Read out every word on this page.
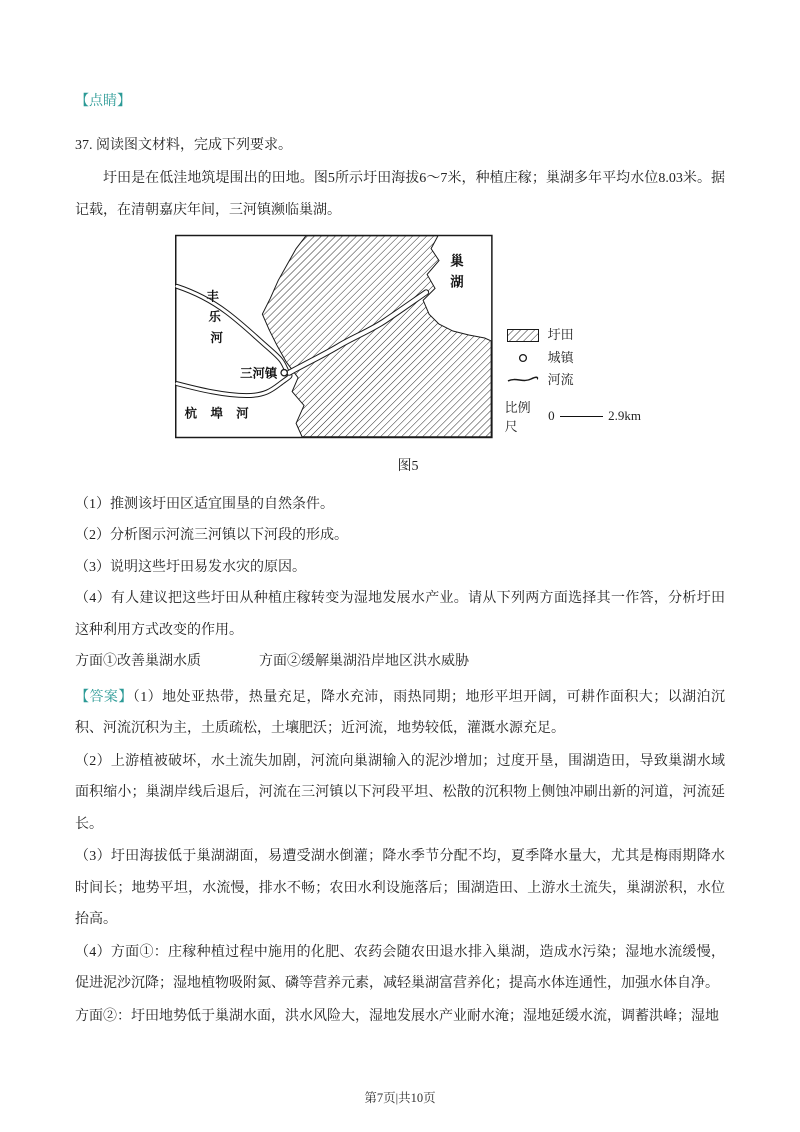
【点睛】

37. 阅读图文材料，完成下列要求。

圩田是在低洼地筑堤围出的田地。图5所示圩田海拔6～7米，种植庄稼；巢湖多年平均水位8.03米。据记载，在清朝嘉庆年间，三河镇濒临巢湖。

巢
湖
丰
乐
河
三河镇
杭 埠 河
圩田
城镇
河流
比例尺
0	2.9km

图5

（1）推测该圩田区适宜围垦的自然条件。

（2）分析图示河流三河镇以下河段的形成。

（3）说明这些圩田易发水灾的原因。

（4）有人建议把这些圩田从种植庄稼转变为湿地发展水产业。请从下列两方面选择其一作答，分析圩田这种利用方式改变的作用。

方面①改善巢湖水质	方面②缓解巢湖沿岸地区洪水威胁

【答案】（1）地处亚热带，热量充足，降水充沛，雨热同期；地形平坦开阔，可耕作面积大；以湖泊沉积、河流沉积为主，土质疏松，土壤肥沃；近河流，地势较低，灌溉水源充足。

（2）上游植被破坏，水土流失加剧，河流向巢湖输入的泥沙增加；过度开垦，围湖造田，导致巢湖水域面积缩小；巢湖岸线后退后，河流在三河镇以下河段平坦、松散的沉积物上侧蚀冲刷出新的河道，河流延长。

（3）圩田海拔低于巢湖湖面，易遭受湖水倒灌；降水季节分配不均，夏季降水量大，尤其是梅雨期降水时间长；地势平坦，水流慢，排水不畅；农田水利设施落后；围湖造田、上游水土流失，巢湖淤积，水位抬高。

（4）方面①：庄稼种植过程中施用的化肥、农药会随农田退水排入巢湖，造成水污染；湿地水流缓慢，促进泥沙沉降；湿地植物吸附氮、磷等营养元素，减轻巢湖富营养化；提高水体连通性，加强水体自净。

方面②：圩田地势低于巢湖水面，洪水风险大，湿地发展水产业耐水淹；湿地延缓水流，调蓄洪峰；湿地

第7页|共10页
